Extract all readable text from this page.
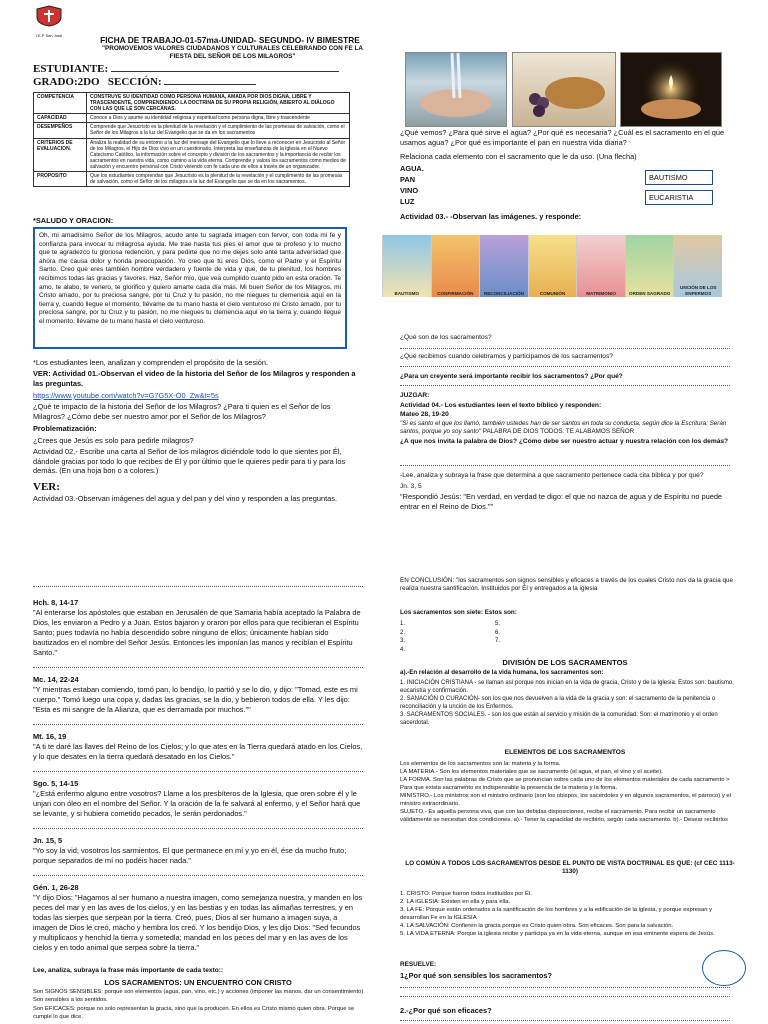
I.E.P San José	FICHA DE TRABAJO-01-57ma-UNIDAD- SEGUNDO- IV BIMESTRE
"PROMOVEMOS VALORES CIUDADANOS Y CULTURALES CELEBRANDO CON FE LA FIESTA DEL SEÑOR DE LOS MILAGROS"
ESTUDIANTE:
GRADO:2DO SECCIÓN:
COMPETENCIA	CONSTRUYE SU IDENTIDAD COMO PERSONA HUMANA, AMADA POR DIOS DIGNA, LIBRE Y TRASCENDENTE, COMPRENDIENDO LA DOCTRINA DE SU PROPIA RELIGIÓN, ABIERTO AL DIÁLOGO CON LAS QUE LE SON CERCANAS.
CAPACIDAD	Conoce a Dios y asume su identidad religiosa y espiritual como persona digna, libre y trascendente
DESEMPEÑOS	Comprende que Jesucristo es la plenitud de la revelación y el cumplimiento de las promesas de salvación, como el Señor de los Milagros a la luz del Evangelio que se da en los sacramentos
CRITERIOS DE EVALUACION.	Analiza la realidad de su entorno a la luz del mensaje del Evangelio que lo lleve a reconocer en Jesucristo al Señor de los Milagros, el Hijo de Dios vivo en un cuestionario. Interpreta las enseñanzas de la Iglesia en el Nuevo Catecismo Católico, la información sobre el concepto y división de los sacramentos y la importancia de recibir los sacramentos en nuestra vida, como camino a la vida eterna. Comprende y valora los sacramentos como medios de salvación y encuentro personal con Cristo viviendo con fe cada uno de ellos a través de un organizador.
PROPOSITO	Que los estudiantes comprendan que Jesucristo es la plenitud de la revelación y el cumplimiento de las promesas de salvación, como el Señor de los milagros a la luz del Evangelio que se da en los sacramentos.
*SALUDO Y ORACION:
Oh, mi amadísimo Señor de los Milagros, acudo ante tu sagrada imagen con fervor, con toda mi fe y confianza para invocar tu milagrosa ayuda. Me trae hasta tus pies el amor que te profeso y lo mucho que te agradezco tu gloriosa redención, y para pedirte que no me dejes solo ante tanta adversidad que ahora me causa dolor y honda preocupación. Yo creo que tú eres Dios, como el Padre y el Espíritu Santo. Creo que eres también hombre verdadero y fuente de vida y que, de tu plenitud, los hombres recibimos todas las gracias y favores. Haz, Señor mío, que vea cumplido cuanto pido en esta oración. Te amo, te alabo, te venero, te glorifico y quiero amarte cada día más. Mi buen Señor de los Milagros, mi Cristo amado, por tu preciosa sangre, por tu Cruz y tu pasión, no me niegues tu clemencia aquí en la tierra y, cuando llegue el momento, llévame de tu mano hasta el cielo venturoso mi Cristo amado, por tu preciosa sangre, por tu Cruz y tu pasión, no me niegues tu clemencia aquí en la tierra y, cuando llegue el momento, llévame de tu mano hasta el cielo venturoso.
*Los estudiantes leen, analizan y comprenden el propósito de la sesión.
VER: Actividad 01.-Observan el video de la historia del Señor de los Milagros y responden a las preguntas.
https://www.youtube.com/watch?v=G7G5X-O0_Zw&t=5s
¿Qué te impacto de la historia del Señor de los Milagros? ¿Para ti quien es el Señor de los Milagros? ¿Cómo debe ser nuestro amor por el Señor de los Milagros?
Problematización:
¿Crees que Jesús es solo para pedirle milagros?
Actividad 02.- Escribe una carta al Señor de los milagros diciéndole todo lo que sientes por Él, dándole gracias por todo lo que recibes de Él y por último que le quieres pedir para ti y para los demás. (En una hoja bon o a colores.)
VER:
Actividad 03.-Observan imágenes del agua y del pan y del vino y responden a las preguntas.
¿Qué vemos? ¿Para qué sirve el agua? ¿Por qué es necesaria? ¿Cuál es el sacramento en el que usamos agua? ¿Por qué es importante el pan en nuestra vida diaria?
Relaciona cada elemento con el sacramento que le da uso. (Una flecha)
AGUA.
PAN
VINO
LUZ
BAUTISMO
EUCARISTIA
Actividad 03.- -Observan las imágenes. y responde:
BAUTISMO	CONFIRMACIÓN RECONCILIACIÓN	COMUNIÓN	MATRIMONIO	ORDEN SAGRADO
UNCIÓN DE LOS ENFERMOS
¿Qué son de los sacramentos?
¿Qué recibimos cuando celebramos y participamos de los sacramentos?
¿Para un creyente será importante recibir los sacramentos? ¿Por qué?
JUZGAR:
Actividad 04.- Los estudiantes leen el texto bíblico y responden:
Mateo 28, 19-20
"Si es santo el que los llamó, también ustedes han de ser santos en toda su conducta, según dice la Escritura: Serán santos, porque yo soy santo" PALABRA DE DIOS TODOS: TE ALABAMOS SEÑOR
¿A que nos invita la palabra de Dios? ¿Cómo debe ser nuestro actuar y nuestra relación con los demás?
-Lee, analiza y subraya la frase que determina a que sacramento pertenece cada cita bíblica y por qué?
Jn. 3, 5
"Respondió Jesús: "En verdad, en verdad te digo: el que no nazca de agua y de Espíritu no puede entrar en el Reino de Dios.""
Hch. 8, 14-17
"Al enterarse los apóstoles que estaban en Jerusalén de que Samaria había aceptado la Palabra de Dios, les enviaron a Pedro y a Juan. Estos bajaron y oraron por ellos para que recibieran el Espíritu Santo; pues todavía no había descendido sobre ninguno de ellos; únicamente habían sido bautizados en el nombre del Señor Jesús. Entonces les imponían las manos y recibían el Espíritu Santo."
Mc. 14, 22-24
"Y mientras estaban comiendo, tomó pan, lo bendijo, lo partió y se lo dio, y dijo: "Tomad, este es mi cuerpo." Tomó luego una copa y, dadas las gracias, se la dio, y bebieron todos de ella. Y les dijo: "Esta es mi sangre de la Alianza, que es derramada por muchos.""
Mt. 16, 19
"A ti te daré las llaves del Reino de los Cielos; y lo que ates en la Tierra quedará atado en los Cielos, y lo que desates en la tierra quedará desatado en los Cielos."
Sgo. 5, 14-15
"¿Está enfermo alguno entre vosotros? Llame a los presbíteros de la Iglesia, que oren sobre él y le unjan con óleo en el nombre del Señor. Y la oración de la fe salvará al enfermo, y el Señor hará que se levante, y si hubiera cometido pecados, le serán perdonados."
Jn. 15, 5
"Yo soy la vid; vosotros los sarmientos. El que permanece en mí y yo en él, ése da mucho fruto; porque separados de mí no podéis hacer nada."
Gén. 1, 26-28
"Y dijo Dios: "Hagamos al ser humano a nuestra imagen, como semejanza nuestra, y manden en los peces del mar y en las aves de los cielos, y en las bestias y en todas las alimañas terrestres, y en todas las sierpes que serpean por la tierra. Creó, pues, Dios al ser humano a imagen suya, a imagen de Dios le creó, macho y hembra los creó. Y los bendijo Dios, y les dijo Dios: "Sed fecundos y multiplicaos y henchid la tierra y sometedla; mandad en los peces del mar y en las aves de los cielos y en todo animal que serpea sobre la tierra."
Lee, analiza, subraya la frase más importante de cada texto::
LOS SACRAMENTOS: UN ENCUENTRO CON CRISTO
Son SIGNOS SENSIBLES: porque son elementos (agua, pan, vino, etc.) y acciones (imponer las manos, dar un consentimiento) Son sensibles a los sentidos.
Son EFICACES: porque no solo representan la gracia, sino que la producen. En ellos es Cristo mismo quien obra. Porque se cumple lo que dice.
EN CONCLUSIÓN: "los sacramentos son signos sensibles y eficaces a través de los cuales Cristo nos da la gracia que realiza nuestra santificación. Instituidos por Él y entregados a la iglesia
Los sacramentos son siete: Estos son:
1.	5.
2.	6.
3.	7.
4.
DIVISIÓN DE LOS SACRAMENTOS
a).-En relación al desarrollo de la vida humana, los sacramentos son:
1. INICIACIÓN CRISTIANA - se llaman así porque nos inician en la vida de gracia, Cristo y de la Iglesia. Estos son: bautismo, eucaristía y confirmación.
2. SANACIÓN O CURACIÓN- son los que nos devuelven a la vida de la gracia y son: el sacramento de la penitencia o reconciliación y la unción de los Enfermos.
3. SACRAMENTOS SOCIALES. - son los que están al servicio y misión de la comunidad. Son: el matrimonio y el orden sacerdotal.
ELEMENTOS DE LOS SACRAMENTOS
Los elementos de los sacramentos son la: materia y la forma.
LA MATERIA.- Son los elementos materiales que se sacramento (el agua, el pan, el vino y el aceite).
LA FORMA. Son las palabras de Cristo que se pronuncian sobre cada uno de los elementos materiales de cada sacramento > Para que exista sacramento es indispensable la presencia de la materia y la forma.
MINISTRO.- Los ministros son el ministro ordinario (son los obispos, los sacerdotes y en algunos sacramentos, el párroco) y el ministro extraordinario.
SUJETO.- Es aquella persona viva, que con las debidas disposiciones, recibe el sacramento. Para recibir un sacramento válidamente se necesitan dos condiciones. a).- Tener la capacidad de recibirlo, según cada sacramento. b).- Desear recibirlos
LO COMÚN A TODOS LOS SACRAMENTOS DESDE EL PUNTO DE VISTA DOCTRINAL ES QUE: (cf CEC 1113-1130)
1. CRISTO: Porque fueron todos instituidos por Él.
2. LA IGLESIA: Existen en ella y para ella.
3. LA FE: Porque están ordenados a la santificación de los hombres y a la edificación de la iglesia, y porque expresan y desarrollan Fe en la IGLESIA
4. LA SALVACIÓN: Confieren la gracia porque es Cristo quien obra. Son eficaces. Son para la salvación.
5. LA VIDA ETERNA: Porque la iglesia recibe y participa ya en la vida eterna, aunque en esa eminente espera de Jesús.
RESUELVE:
1¿Por qué son sensibles los sacramentos?
2.-¿Por qué son eficaces?
